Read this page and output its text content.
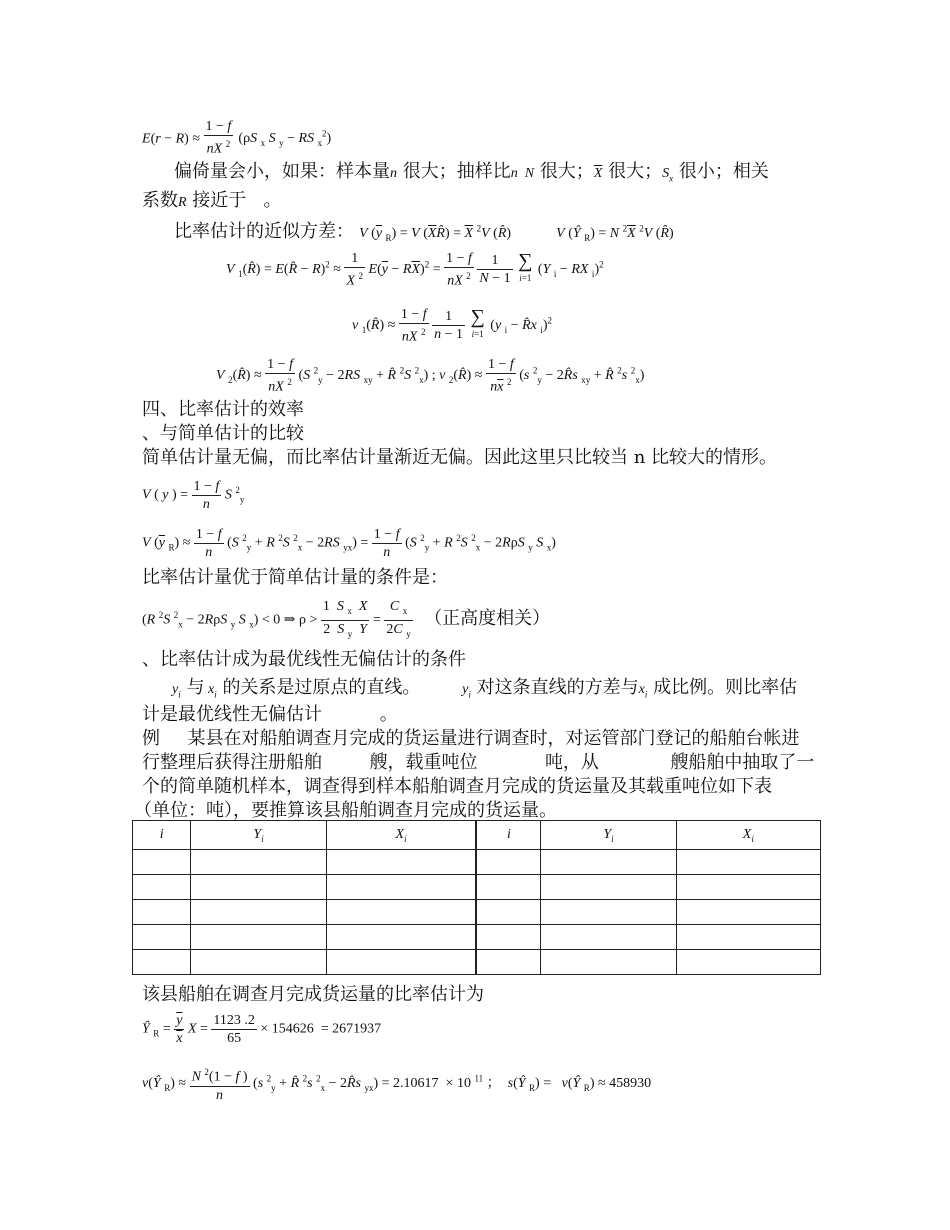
$E(r - R) \approx \frac{1 - f}{nX ^2} (\rho S$ $_x$ S $_y$ − RS $_x^2$)
偏倚量会小，如果：样本量n 很大；抽样比n  N 很大；$\overline{X}$ 很大；$S_x$ 很小；相关
系数R 接近于 。
比率估计的近似方差： V ($\overline{y}$ $_R$) = V $(\overline{X}R̂) = \overline{X}$ $^2$V (R̂)	V (Ŷ $_R$) = N $^2\overline{X}$ $^2$V (R̂)
V $_1$(R̂) = E(R̂ − $R)^2 \approx \frac{1}{X ^2} E(\overline{y} - R\overline{X})^2 = \frac{1 - f}{nX ^2}$
$\frac{1}{N - 1}$
∑
i=1
(Y $_i$ − RX $_i$)$^2$
v $_1$(R̂) ≈ $\frac{1 - f}{nX ^2}$
$\frac{1}{n - 1}$
∑
i=1
(y $_i$ − R̂x $_i$)$^2$
V $_2$(R̂) ≈ $\frac{1 - f}{nX ^2} (S$ $^2_y$ − 2RS $_{xy}$ + R̂ $^2$S $^2_x$) ; v $_2$(R̂) ≈ $\frac{1 - f}{n\overline{x} ^2} (s$ $^2_y$ − 2R̂s $_{xy}$ + R̂ $^2$s $^2_x$)
四、比率估计的效率
、与简单估计的比较
简单估计量无偏，而比率估计量渐近无偏。因此这里只比较当 n 比较大的情形。
V ( y ) = $\frac{1 - f}{n}$ S $^2_y$
V ($\overline{y}$ $_R) \approx \frac{1 - f}{n} (S$ $^2_y$ + R $^2$S $^2_x$ − 2RS $_{yx}) = \frac{1 - f}{n} (S$ $^2_y$ + R $^2$S $^2_x$ − 2RρS $_y$ S $_x$)
比率估计量优于简单估计量的条件是：
(R $^2$S $^2_x$ − 2RρS $_y$ S $_x$) < 0 ⇒ $\rho > \frac{1 S _x X}{2 S _y Y} = \frac{C _x}{2C _y}$ （正高度相关）
、比率估计成为最优线性无偏估计的条件
$y_i$ 与 $x_i$ 的关系是过原点的直线。	$y_i$ 对这条直线的方差与$x_i$ 成比例。则比率估
计是最优线性无偏估计	。
例 某县在对船舶调查月完成的货运量进行调查时，对运管部门登记的船舶台帐进
行整理后获得注册船舶	艘，载重吨位	吨，从	艘船舶中抽取了一
个的简单随机样本，调查得到样本船舶调查月完成的货运量及其载重吨位如下表
（单位：吨），要推算该县船舶调查月完成的货运量。
i	$Y_i$	$X_i$	i	$Y_i$	$X_i$

该县船舶在调查月完成货运量的比率估计为
Ŷ $_R = \frac{\overline{y}}{x}$ $X = \frac{1123 .2}{65} \times 154626 = 2671937$
v(Ŷ $_R) \approx \frac{N ^2(1 - f )}{n} (s$ $^2_y$ + R̂ $^2$s $^2_x$ − 2R̂s $_{yx}$) = 2.10617  × 10 $^{11}$ ；  s(Ŷ $_R$) =   v(Ŷ $_R$) ≈ 458930
